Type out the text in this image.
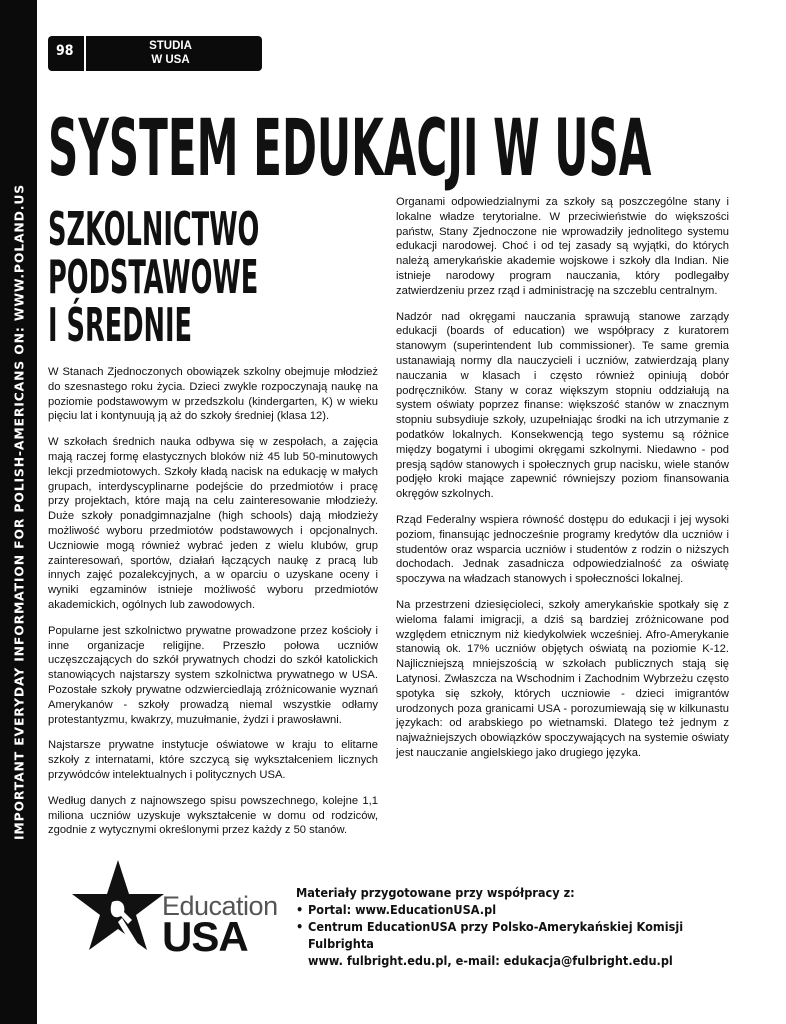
IMPORTANT EVERYDAY INFORMATION FOR POLISH-AMERICANS ON: WWW.POLAND.US
98	STUDIA
W USA
SYSTEM EDUKACJI W USA
SZKOLNICTWO
PODSTAWOWE
I ŚREDNIE

W Stanach Zjednoczonych obowiązek szkolny obejmuje młodzież do szesnastego roku życia. Dzieci zwykle rozpoczynają naukę na poziomie podstawowym w przedszkolu (kindergarten, K) w wieku pięciu lat i kontynuują ją aż do szkoły średniej (klasa 12).

W szkołach średnich nauka odbywa się w zespołach, a zajęcia mają raczej formę elastycznych bloków niż 45 lub 50-minutowych lekcji przedmiotowych. Szkoły kładą nacisk na edukację w małych grupach, interdyscyplinarne podejście do przedmiotów i pracę przy projektach, które mają na celu zainteresowanie młodzieży. Duże szkoły ponadgimnazjalne (high schools) dają młodzieży możliwość wyboru przedmiotów podstawowych i opcjonalnych. Uczniowie mogą również wybrać jeden z wielu klubów, grup zainteresowań, sportów, działań łączących naukę z pracą lub innych zajęć pozalekcyjnych, a w oparciu o uzyskane oceny i wyniki egzaminów istnieje możliwość wyboru przedmiotów akademickich, ogólnych lub zawodowych.

Popularne jest szkolnictwo prywatne prowadzone przez kościoły i inne organizacje religijne. Przeszło połowa uczniów uczęszczających do szkół prywatnych chodzi do szkół katolickich stanowiących najstarszy system szkolnictwa prywatnego w USA. Pozostałe szkoły prywatne odzwierciedlają zróżnicowanie wyznań Amerykanów - szkoły prowadzą niemal wszystkie odłamy protestantyzmu, kwakrzy, muzułmanie, żydzi i prawosławni.

Najstarsze prywatne instytucje oświatowe w kraju to elitarne szkoły z internatami, które szczycą się wykształceniem licznych przywódców intelektualnych i politycznych USA.

Według danych z najnowszego spisu powszechnego, kolejne 1,1 miliona uczniów uzyskuje wykształcenie w domu od rodziców, zgodnie z wytycznymi określonymi przez każdy z 50 stanów.

Organami odpowiedzialnymi za szkoły są poszczególne stany i lokalne władze terytorialne. W przeciwieństwie do większości państw, Stany Zjednoczone nie wprowadziły jednolitego systemu edukacji narodowej. Choć i od tej zasady są wyjątki, do których należą amerykańskie akademie wojskowe i szkoły dla Indian. Nie istnieje narodowy program nauczania, który podlegałby zatwierdzeniu przez rząd i administrację na szczeblu centralnym.

Nadzór nad okręgami nauczania sprawują stanowe zarządy edukacji (boards of education) we współpracy z kuratorem stanowym (superintendent lub commissioner). Te same gremia ustanawiają normy dla nauczycieli i uczniów, zatwierdzają plany nauczania w klasach i często również opiniują dobór podręczników. Stany w coraz większym stopniu oddziałują na system oświaty poprzez finanse: większość stanów w znacznym stopniu subsydiuje szkoły, uzupełniając środki na ich utrzymanie z podatków lokalnych. Konsekwencją tego systemu są różnice między bogatymi i ubogimi okręgami szkolnymi. Niedawno - pod presją sądów stanowych i społecznych grup nacisku, wiele stanów podjęło kroki mające zapewnić równiejszy poziom finansowania okręgów szkolnych.

Rząd Federalny wspiera równość dostępu do edukacji i jej wysoki poziom, finansując jednocześnie programy kredytów dla uczniów i studentów oraz wsparcia uczniów i studentów z rodzin o niższych dochodach. Jednak zasadnicza odpowiedzialność za oświatę spoczywa na władzach stanowych i społeczności lokalnej.

Na przestrzeni dziesięcioleci, szkoły amerykańskie spotkały się z wieloma falami imigracji, a dziś są bardziej zróżnicowane pod względem etnicznym niż kiedykolwiek wcześniej. Afro-Amerykanie stanowią ok. 17% uczniów objętych oświatą na poziomie K-12. Najliczniejszą mniejszością w szkołach publicznych stają się Latynosi. Zwłaszcza na Wschodnim i Zachodnim Wybrzeżu często spotyka się szkoły, których uczniowie - dzieci imigrantów urodzonych poza granicami USA - porozumiewają się w kilkunastu językach: od arabskiego po wietnamski. Dlatego też jednym z najważniejszych obowiązków spoczywających na systemie oświaty jest nauczanie angielskiego jako drugiego języka.

Education
USA
Materiały przygotowane przy współpracy z:
• Portal: www.EducationUSA.pl
• Centrum EducationUSA przy Polsko-Amerykańskiej Komisji Fulbrighta
www. fulbright.edu.pl, e-mail: edukacja@fulbright.edu.pl
